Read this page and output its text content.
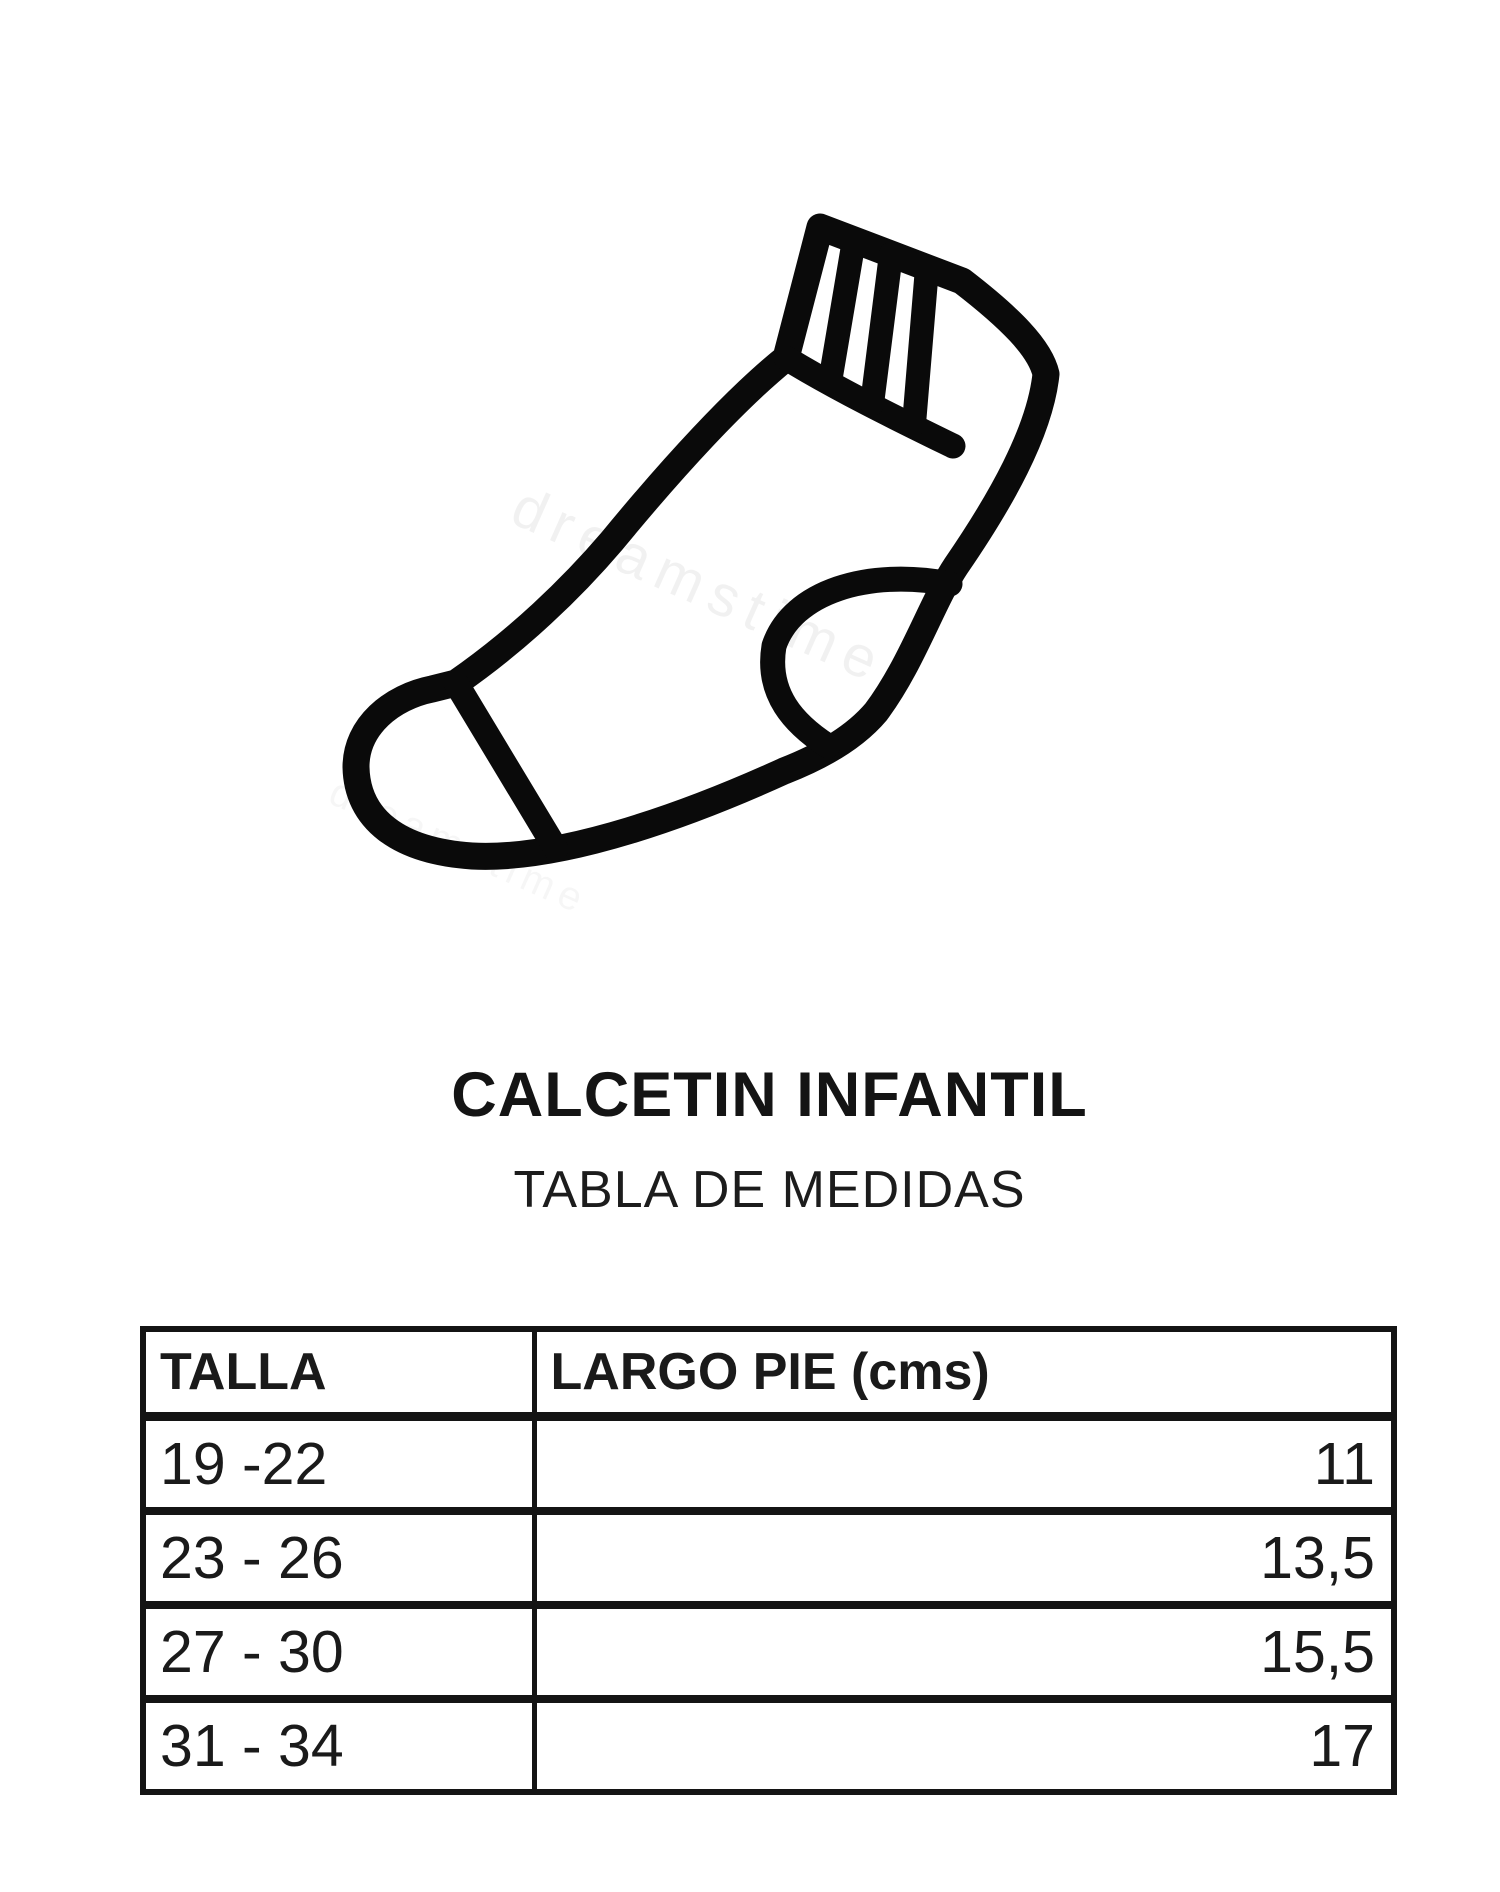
dreamstime
dreamstime
CALCETIN INFANTIL
TABLA DE MEDIDAS
TALLA	LARGO PIE (cms)
19 -22	11
23 - 26	13,5
27 - 30	15,5
31 - 34	17
